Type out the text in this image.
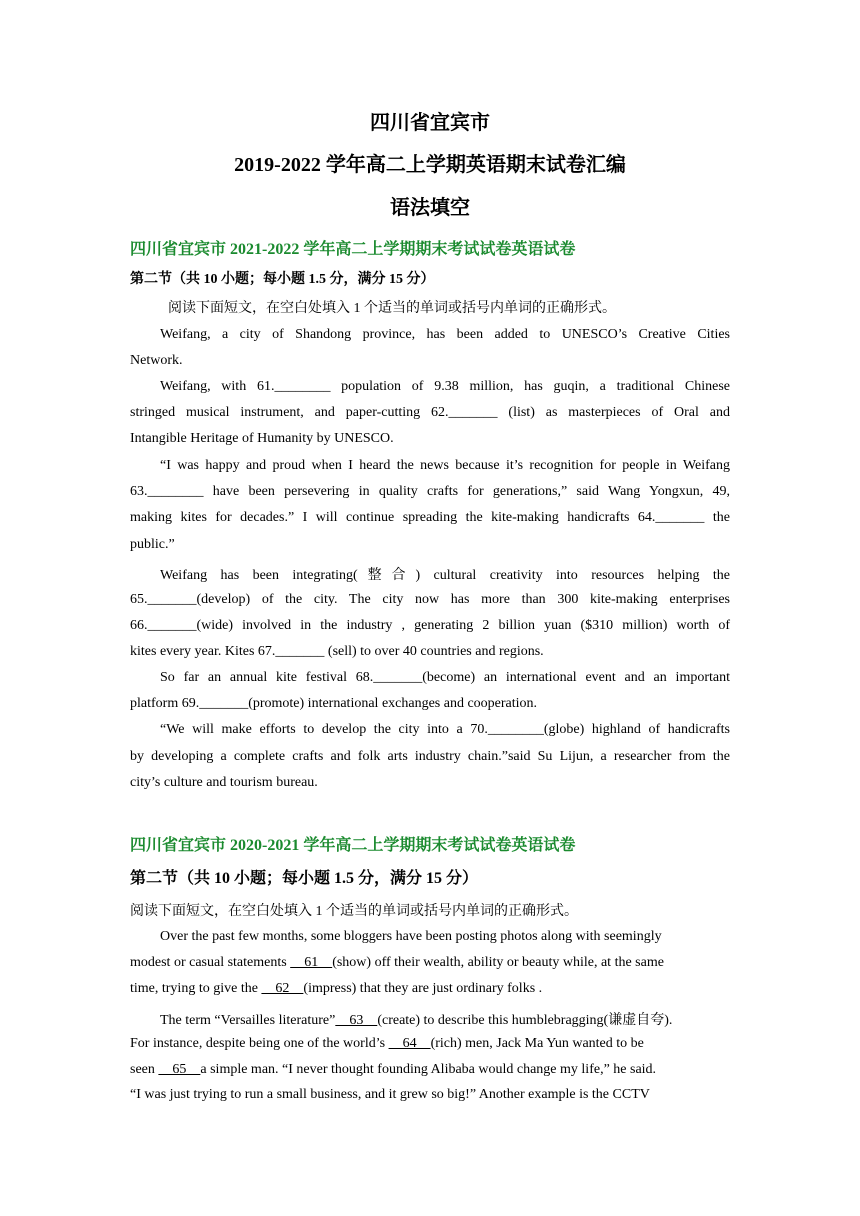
四川省宜宾市
2019-2022 学年高二上学期英语期末试卷汇编
语法填空
四川省宜宾市 2021-2022 学年高二上学期期末考试试卷英语试卷
第二节（共 10 小题；每小题 1.5 分，满分 15 分）
阅读下面短文，在空白处填入 1 个适当的单词或括号内单词的正确形式。
Weifang, a city of Shandong province, has been added to UNESCO’s Creative Cities
Network.
Weifang, with 61.________ population of 9.38 million, has guqin, a traditional Chinese
stringed musical instrument, and paper-cutting 62._______ (list) as masterpieces of Oral and
Intangible Heritage of Humanity by UNESCO.
“I was happy and proud when I heard the news because it’s recognition for people in Weifang
63.________ have been persevering in quality crafts for generations,” said Wang Yongxun, 49,
making kites for decades.” I will continue spreading the kite-making handicrafts 64._______ the
public.”
Weifang has been integrating(整合) cultural creativity into resources helping the
65._______(develop) of the city. The city now has more than 300 kite-making enterprises
66._______(wide) involved in the industry , generating 2 billion yuan ($310 million) worth of
kites every year. Kites 67._______ (sell) to over 40 countries and regions.
So far an annual kite festival 68._______(become) an international event and an important
platform 69._______(promote) international exchanges and cooperation.
“We will make efforts to develop the city into a 70.________(globe) highland of handicrafts
by developing a complete crafts and folk arts industry chain.”said Su Lijun, a researcher from the
city’s culture and tourism bureau.
四川省宜宾市 2020-2021 学年高二上学期期末考试试卷英语试卷
第二节（共 10 小题；每小题 1.5 分，满分 15 分）
阅读下面短文，在空白处填入 1 个适当的单词或括号内单词的正确形式。
Over the past few months, some bloggers have been posting photos along with seemingly
modest or casual statements     61    (show) off their wealth, ability or beauty while, at the same
time, trying to give the     62    (impress) that they are just ordinary folks .
The term “Versailles literature”    63    (create) to describe this humblebragging(谦虚自夸).
For instance, despite being one of the world’s     64    (rich) men, Jack Ma Yun wanted to be
seen     65    a simple man. “I never thought founding Alibaba would change my life,” he said.
“I was just trying to run a small business, and it grew so big!” Another example is the CCTV
